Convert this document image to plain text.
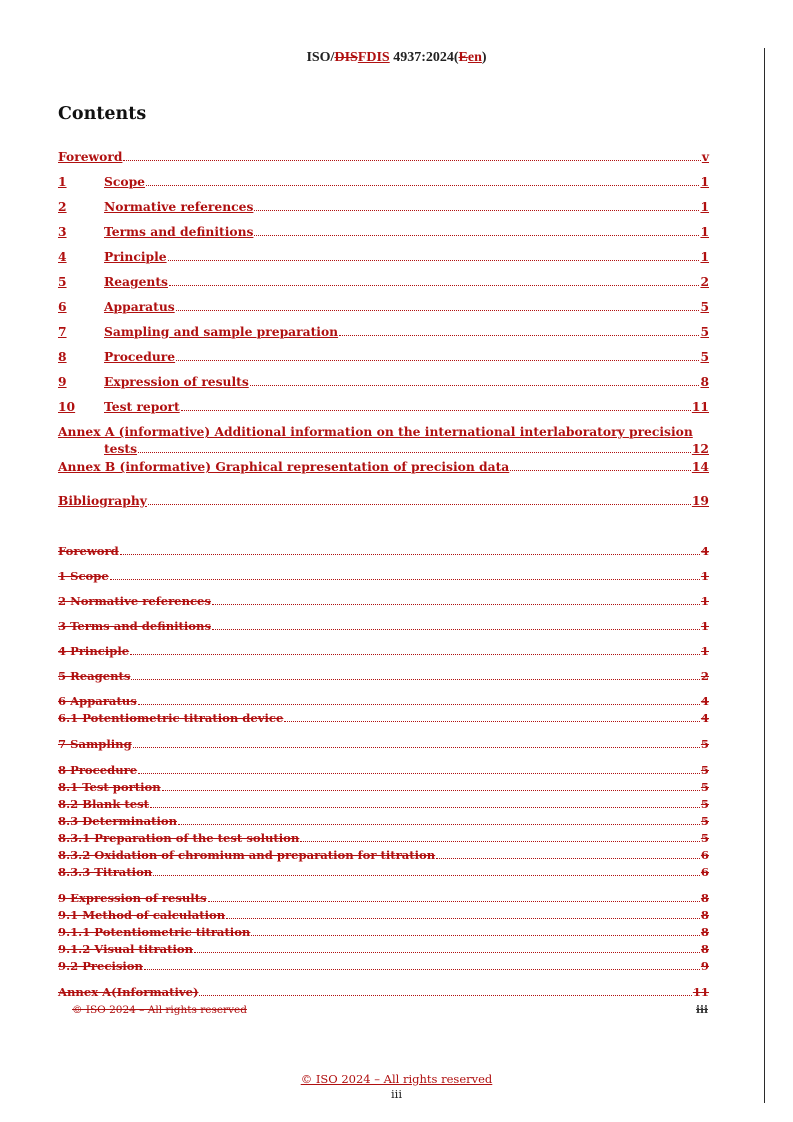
ISO/DISFDIS 4937:2024(Een)
Contents
Foreword	v
1	Scope	1
2	Normative references	1
3	Terms and definitions	1
4	Principle	1
5	Reagents	2
6	Apparatus	5
7	Sampling and sample preparation	5
8	Procedure	5
9	Expression of results	8
10	Test report	11
Annex A (informative) Additional information on the international interlaboratory precision
tests	12
Annex B (informative) Graphical representation of precision data	14
Bibliography	19
Foreword	4
1 Scope	1
2 Normative references	1
3 Terms and definitions	1
4 Principle	1
5 Reagents	2
6 Apparatus	4
6.1 Potentiometric titration device	4
7 Sampling	5
8 Procedure	5
8.1 Test portion	5
8.2 Blank test	5
8.3 Determination	5
8.3.1 Preparation of the test solution	5
8.3.2 Oxidation of chromium and preparation for titration	6
8.3.3 Titration	6
9 Expression of results	8
9.1 Method of calculation	8
9.1.1 Potentiometric titration	8
9.1.2 Visual titration	8
9.2 Precision	9
Annex A(Informative)	11
© ISO 2024 – All rights reserved	iii
© ISO 2024 – All rights reserved
iii
